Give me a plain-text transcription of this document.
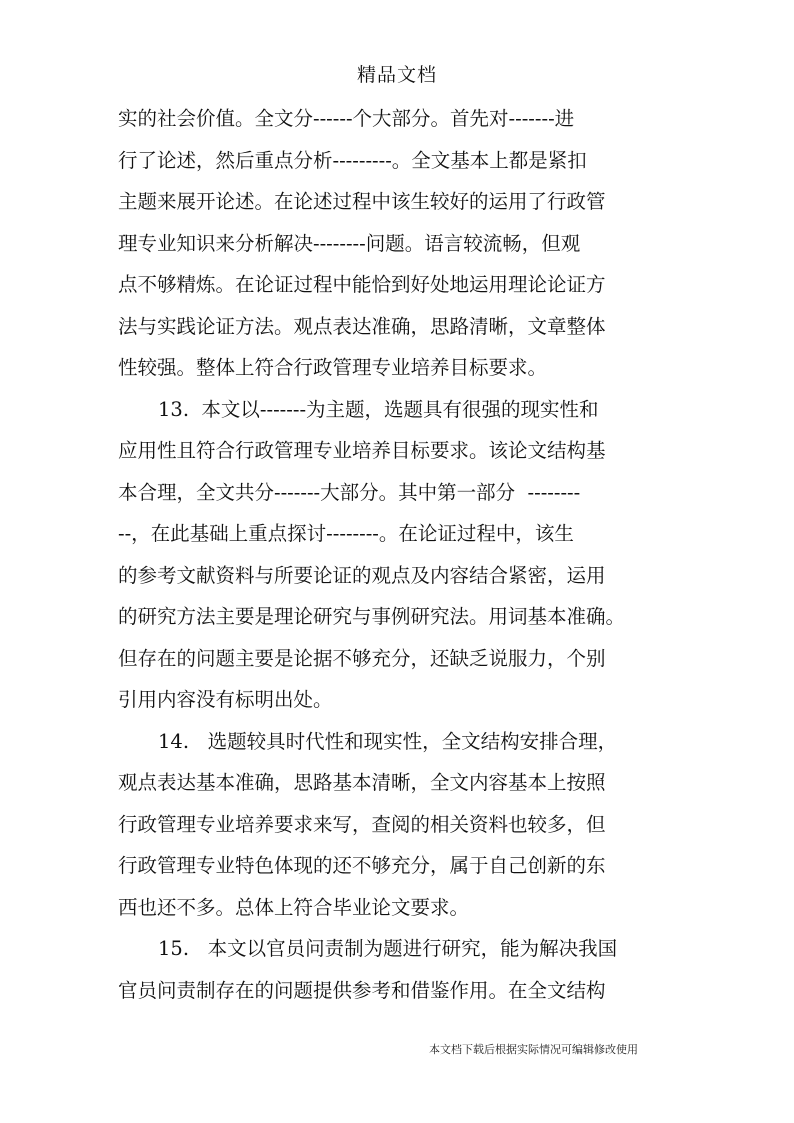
精品文档
实的社会价值。全文分------个大部分。首先对-------进
行了论述，然后重点分析---------。全文基本上都是紧扣
主题来展开论述。在论述过程中该生较好的运用了行政管
理专业知识来分析解决--------问题。语言较流畅，但观
点不够精炼。在论证过程中能恰到好处地运用理论论证方
法与实践论证方法。观点表达准确，思路清晰，文章整体
性较强。整体上符合行政管理专业培养目标要求。
13.  本文以-------为主题，选题具有很强的现实性和
应用性且符合行政管理专业培养目标要求。该论文结构基
本合理，全文共分-------大部分。其中第一部分  --------
--，在此基础上重点探讨--------。在论证过程中，该生
的参考文献资料与所要论证的观点及内容结合紧密，运用
的研究方法主要是理论研究与事例研究法。用词基本准确。
但存在的问题主要是论据不够充分，还缺乏说服力，个别
引用内容没有标明出处。
14.   选题较具时代性和现实性，全文结构安排合理，
观点表达基本准确，思路基本清晰，全文内容基本上按照
行政管理专业培养要求来写，查阅的相关资料也较多，但
行政管理专业特色体现的还不够充分，属于自己创新的东
西也还不多。总体上符合毕业论文要求。
15.   本文以官员问责制为题进行研究，能为解决我国
官员问责制存在的问题提供参考和借鉴作用。在全文结构
本文档下载后根据实际情况可编辑修改使用
